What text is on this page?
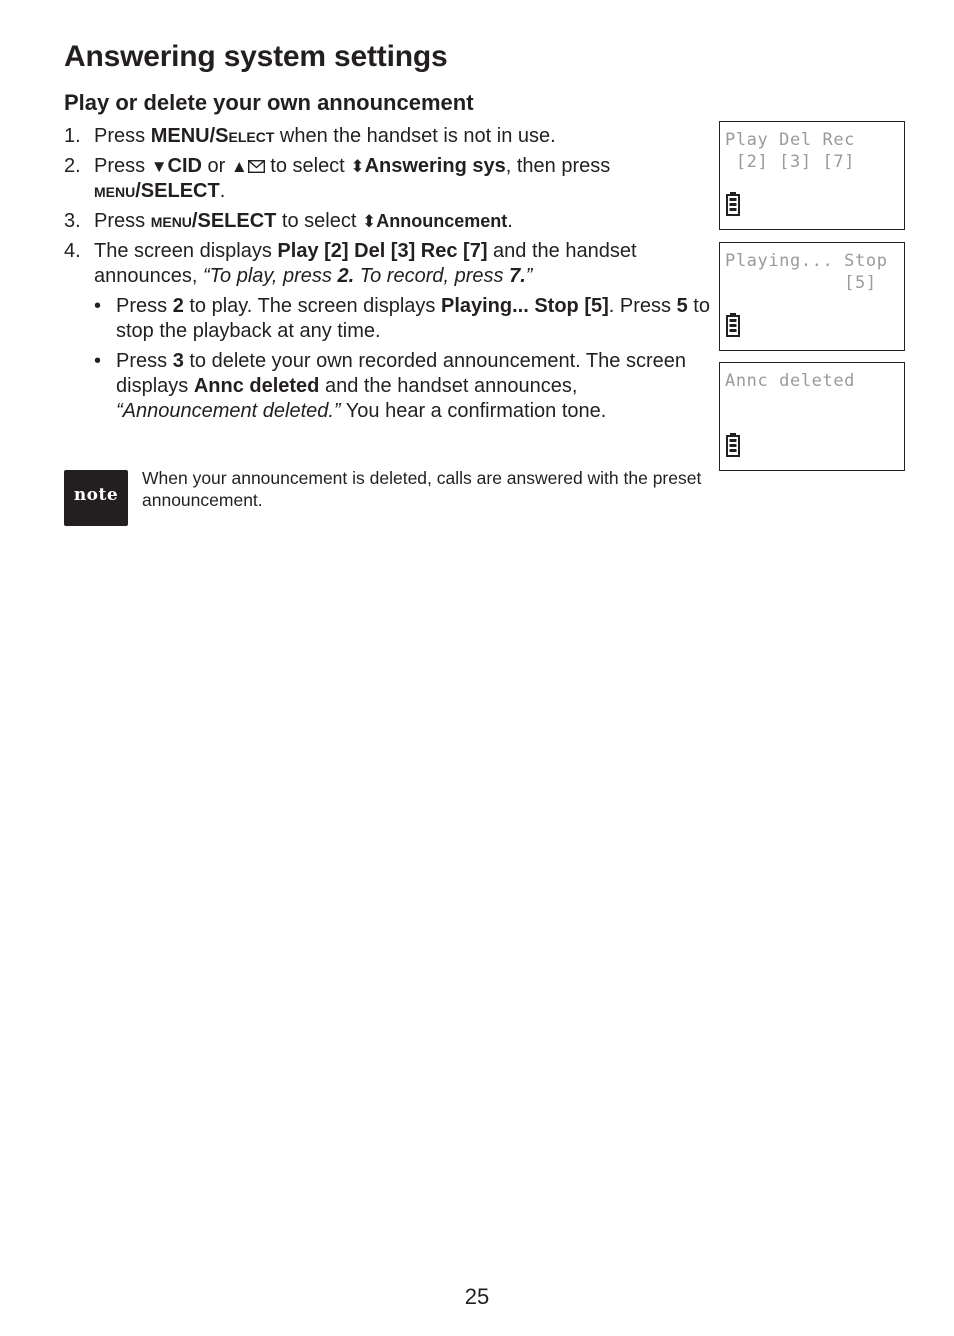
Answering system settings
Play or delete your own announcement
1. Press MENU/Select when the handset is not in use.
2. Press ▼CID or ▲ to select ⬍Answering sys, then press menu/SELECT.
3. Press menu/SELECT to select ⬍Announcement.
4. The screen displays Play [2] Del [3] Rec [7] and the handset announces, “To play, press 2. To record, press 7.”
• Press 2 to play. The screen displays Playing... Stop [5]. Press 5 to stop the playback at any time.
• Press 3 to delete your own recorded announcement. The screen displays Annc deleted and the handset announces, “Announcement deleted.” You hear a confirmation tone.
note
When your announcement is deleted, calls are answered with the preset announcement.
Play Del Rec
[2] [3] [7]
Playing... Stop
[5]
Annc deleted
25
